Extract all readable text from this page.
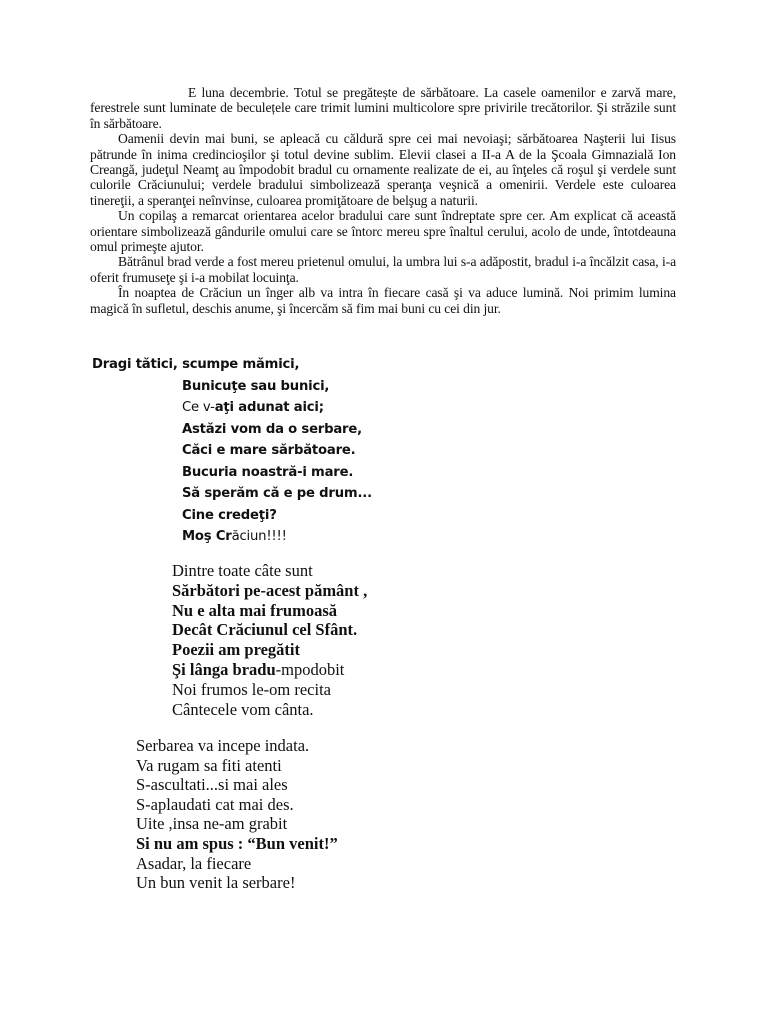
E luna decembrie. Totul se pregătește de sărbătoare. La casele oamenilor e zarvă mare, ferestrele sunt luminate de beculețele care trimit lumini multicolore spre privirile trecătorilor. Şi străzile sunt în sărbătoare.

Oamenii devin mai buni, se apleacă cu căldură spre cei mai nevoiaşi; sărbătoarea Naşterii lui Iisus pătrunde în inima credincioşilor şi totul devine sublim. Elevii clasei a II-a A de la Şcoala Gimnazială Ion Creangă, judeţul Neamţ au împodobit bradul cu ornamente realizate de ei, au înţeles că roşul şi verdele sunt culorile Crăciunului; verdele bradului simbolizează speranţa veşnică a omenirii. Verdele este culoarea tinereţii, a speranţei neînvinse, culoarea promiţătoare de belşug a naturii.

Un copilaş a remarcat orientarea acelor bradului care sunt îndreptate spre cer. Am explicat că această orientare simbolizează gândurile omului care se întorc mereu spre înaltul cerului, acolo de unde, întotdeauna omul primeşte ajutor.

Bătrânul brad verde a fost mereu prietenul omului, la umbra lui s-a adăpostit, bradul i-a încălzit casa, i-a oferit frumuseţe şi i-a mobilat locuinţa.

În noaptea de Crăciun un înger alb va intra în fiecare casă şi va aduce lumină. Noi primim lumina magică în sufletul, deschis anume, şi încercăm să fim mai buni cu cei din jur.

Dragi tătici, scumpe mămici,
Bunicuţe sau bunici,
Ce v-aţi adunat aici;
Astăzi vom da o serbare,
Căci e mare sărbătoare.
Bucuria noastră-i mare.
Să sperăm că e pe drum...
Cine credeţi?
Moş Crăciun!!!!
Dintre toate câte sunt
Sărbători pe-acest pământ ,
Nu e alta mai frumoasă
Decât Crăciunul cel Sfânt.
Poezii am pregătit
Şi lânga bradu-mpodobit
Noi frumos le-om recita
Cântecele vom cânta.
Serbarea va incepe indata.
Va rugam sa fiti atenti
S-ascultati...si mai ales
S-aplaudati cat mai des.
Uite ,insa ne-am grabit
Si nu am spus : “Bun venit!”
Asadar, la fiecare
Un bun venit la serbare!
